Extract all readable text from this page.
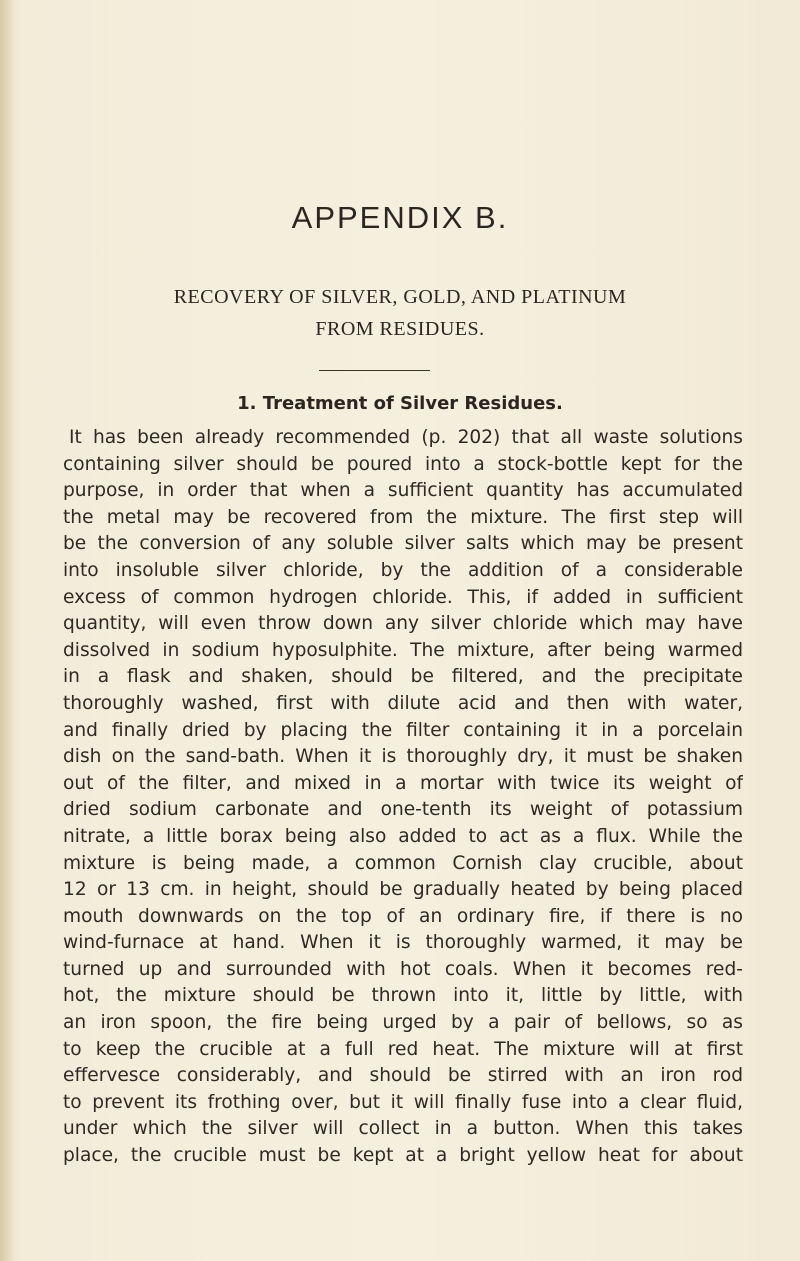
APPENDIX B.
RECOVERY OF SILVER, GOLD, AND PLATINUM
FROM RESIDUES.
1. Treatment of Silver Residues.
It has been already recommended (p. 202) that all waste solutions
containing silver should be poured into a stock-bottle kept for the
purpose, in order that when a sufficient quantity has accumulated
the metal may be recovered from the mixture. The first step will
be the conversion of any soluble silver salts which may be present
into insoluble silver chloride, by the addition of a considerable
excess of common hydrogen chloride. This, if added in sufficient
quantity, will even throw down any silver chloride which may have
dissolved in sodium hyposulphite. The mixture, after being warmed
in a flask and shaken, should be filtered, and the precipitate
thoroughly washed, first with dilute acid and then with water,
and finally dried by placing the filter containing it in a porcelain
dish on the sand-bath. When it is thoroughly dry, it must be shaken
out of the filter, and mixed in a mortar with twice its weight of
dried sodium carbonate and one-tenth its weight of potassium
nitrate, a little borax being also added to act as a flux. While the
mixture is being made, a common Cornish clay crucible, about
12 or 13 cm. in height, should be gradually heated by being placed
mouth downwards on the top of an ordinary fire, if there is no
wind-furnace at hand. When it is thoroughly warmed, it may be
turned up and surrounded with hot coals. When it becomes red-
hot, the mixture should be thrown into it, little by little, with
an iron spoon, the fire being urged by a pair of bellows, so as
to keep the crucible at a full red heat. The mixture will at first
effervesce considerably, and should be stirred with an iron rod
to prevent its frothing over, but it will finally fuse into a clear fluid,
under which the silver will collect in a button. When this takes
place, the crucible must be kept at a bright yellow heat for about
